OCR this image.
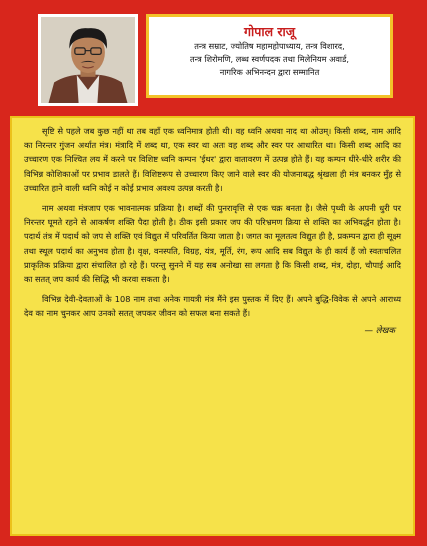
गोपाल राजू
तन्त्र सम्राट, ज्योतिष महामहोपाध्याय, तन्त्र विशारद,
तन्त्र शिरोमणि, लब्ध स्वर्णपदक तथा मिलेनियम अवार्ड,
नागरिक अभिनन्दन द्वारा सम्मानित

सृष्टि से पहले जब कुछ नहीं था तब वहाँ एक ध्वनिमात्र होती थी। वह ध्वनि अथवा नाद था ओउम्। किसी शब्द, नाम आदि का निरन्तर गुंजन अर्थात मंत्र। मंत्रादि में शब्द था, एक स्वर था अतः वह शब्द और स्वर पर आधारित था। किसी शब्द आदि का उच्चारण एक निश्चित लय में करने पर विशिष्ट ध्वनि कम्पन 'ईथर' द्वारा वातावरण में उत्पन्न होते हैं। यह कम्पन धीरे-धीरे शरीर की विभिन्न कोशिकाओं पर प्रभाव डालते हैं। विशिष्टरूप से उच्चारण किए जाने वाले स्वर की योजनाबद्ध श्रृंखला ही मंत्र बनकर मुँह से उच्चारित हाने वाली ध्वनि कोई न कोई प्रभाव अवश्य उत्पन्न करती है।

नाम अथवा मंत्रजाप एक भावनात्मक प्रक्रिया है। शब्दों की पुनरावृत्ति से एक चक्र बनता है। जैसे पृथ्वी के अपनी धुरी पर निरन्तर घूमते रहने से आकर्षण शक्ति पैदा होती है। ठीक इसी प्रकार जप की परिभ्रमण क्रिया से शक्ति का अभिवर्द्धन होता है। पदार्थ तंत्र में पदार्थ को जप से शक्ति एवं विद्युत में परिवर्तित किया जाता है। जगत का मूलतत्व विद्युत ही है, प्रकम्पन द्वारा ही सूक्ष्म तथा स्थूल पदार्थ का अनुभव होता है। वृक्ष, वनस्पति, विग्रह, यंत्र, मूर्ति, रंग, रूप आदि सब विद्युत के ही कार्य हैं जो स्वतःचलित प्राकृतिक प्रक्रिया द्वारा संचालित हो रहे हैं। परन्तु सुनने में यह सब अनोखा सा लगता है कि किसी शब्द, मंत्र, दोहा, चौपाई आदि का सतत् जप कार्य की सिद्धि भी करवा सकता है।

विभिन्न देवी-देवताओं के 108 नाम तथा अनेक गायत्री मंत्र मैंने इस पुस्तक में दिए हैं। अपने बुद्धि-विवेक से अपने आराध्य देव का नाम चुनकर आप उनको सतत् जपकर जीवन को सफल बना सकते हैं।

— लेखक
